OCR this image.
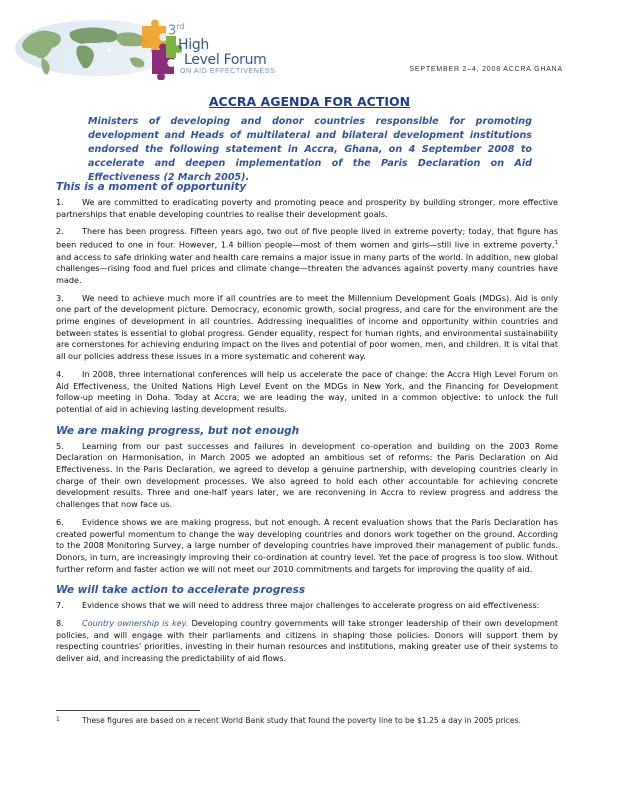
3rd
High
Level Forum
ON AID EFFECTIVENESS	SEPTEMBER 2–4, 2008 ACCRA GHANA
ACCRA AGENDA FOR ACTION
Ministers of developing and donor countries responsible for promoting development and Heads of multilateral and bilateral development institutions endorsed the following statement in Accra, Ghana, on 4 September 2008 to accelerate and deepen implementation of the Paris Declaration on Aid Effectiveness (2 March 2005).
This is a moment of opportunity

1. We are committed to eradicating poverty and promoting peace and prosperity by building stronger, more effective partnerships that enable developing countries to realise their development goals.

2. There has been progress. Fifteen years ago, two out of five people lived in extreme poverty; today, that figure has been reduced to one in four. However, 1.4 billion people—most of them women and girls—still live in extreme poverty,$^1$ and access to safe drinking water and health care remains a major issue in many parts of the world. In addition, new global challenges—rising food and fuel prices and climate change—threaten the advances against poverty many countries have made.

3. We need to achieve much more if all countries are to meet the Millennium Development Goals (MDGs). Aid is only one part of the development picture. Democracy, economic growth, social progress, and care for the environment are the prime engines of development in all countries. Addressing inequalities of income and opportunity within countries and between states is essential to global progress. Gender equality, respect for human rights, and environmental sustainability are cornerstones for achieving enduring impact on the lives and potential of poor women, men, and children. It is vital that all our policies address these issues in a more systematic and coherent way.

4. In 2008, three international conferences will help us accelerate the pace of change: the Accra High Level Forum on Aid Effectiveness, the United Nations High Level Event on the MDGs in New York, and the Financing for Development follow-up meeting in Doha. Today at Accra, we are leading the way, united in a common objective: to unlock the full potential of aid in achieving lasting development results.

We are making progress, but not enough

5. Learning from our past successes and failures in development co-operation and building on the 2003 Rome Declaration on Harmonisation, in March 2005 we adopted an ambitious set of reforms: the Paris Declaration on Aid Effectiveness. In the Paris Declaration, we agreed to develop a genuine partnership, with developing countries clearly in charge of their own development processes. We also agreed to hold each other accountable for achieving concrete development results. Three and one-half years later, we are reconvening in Accra to review progress and address the challenges that now face us.

6. Evidence shows we are making progress, but not enough. A recent evaluation shows that the Paris Declaration has created powerful momentum to change the way developing countries and donors work together on the ground. According to the 2008 Monitoring Survey, a large number of developing countries have improved their management of public funds. Donors, in turn, are increasingly improving their co-ordination at country level. Yet the pace of progress is too slow. Without further reform and faster action we will not meet our 2010 commitments and targets for improving the quality of aid.

We will take action to accelerate progress

7. Evidence shows that we will need to address three major challenges to accelerate progress on aid effectiveness:

8. Country ownership is key. Developing country governments will take stronger leadership of their own development policies, and will engage with their parliaments and citizens in shaping those policies. Donors will support them by respecting countries' priorities, investing in their human resources and institutions, making greater use of their systems to deliver aid, and increasing the predictability of aid flows.

1	These figures are based on a recent World Bank study that found the poverty line to be $1.25 a day in 2005 prices.
